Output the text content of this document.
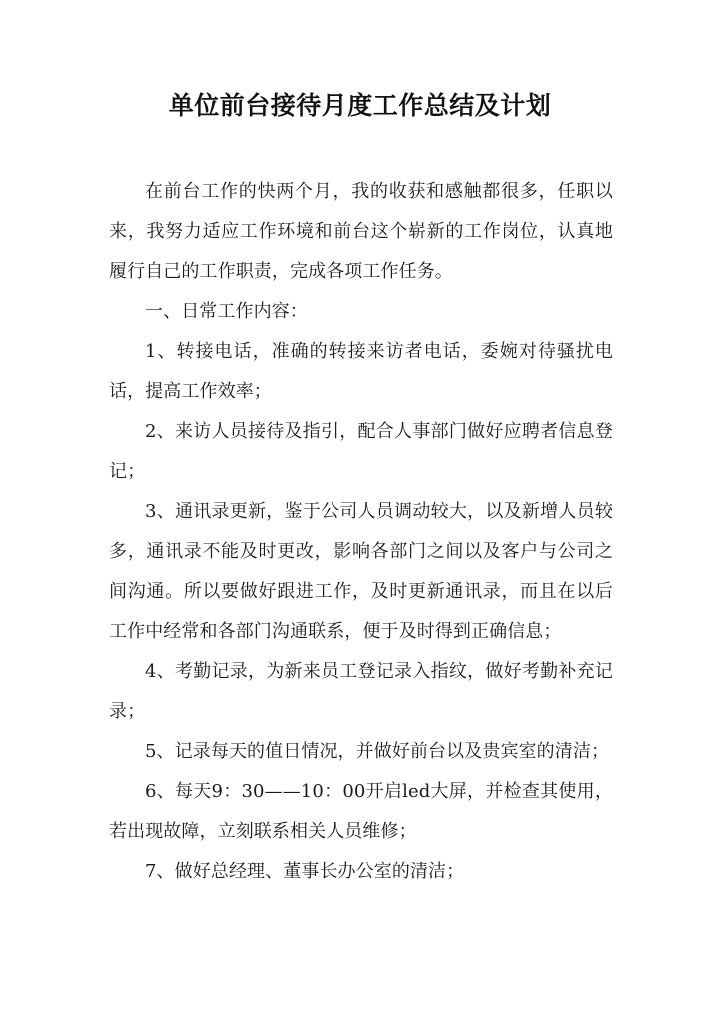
单位前台接待月度工作总结及计划

在前台工作的快两个月，我的收获和感触都很多，任职以来，我努力适应工作环境和前台这个崭新的工作岗位，认真地履行自己的工作职责，完成各项工作任务。

一、日常工作内容：

1、转接电话，准确的转接来访者电话，委婉对待骚扰电话，提高工作效率；

2、来访人员接待及指引，配合人事部门做好应聘者信息登记；

3、通讯录更新，鉴于公司人员调动较大，以及新增人员较多，通讯录不能及时更改，影响各部门之间以及客户与公司之间沟通。所以要做好跟进工作，及时更新通讯录，而且在以后工作中经常和各部门沟通联系，便于及时得到正确信息；

4、考勤记录，为新来员工登记录入指纹，做好考勤补充记录；

5、记录每天的值日情况，并做好前台以及贵宾室的清洁；

6、每天9：30——10：00开启led大屏，并检查其使用，若出现故障，立刻联系相关人员维修；

7、做好总经理、董事长办公室的清洁；
